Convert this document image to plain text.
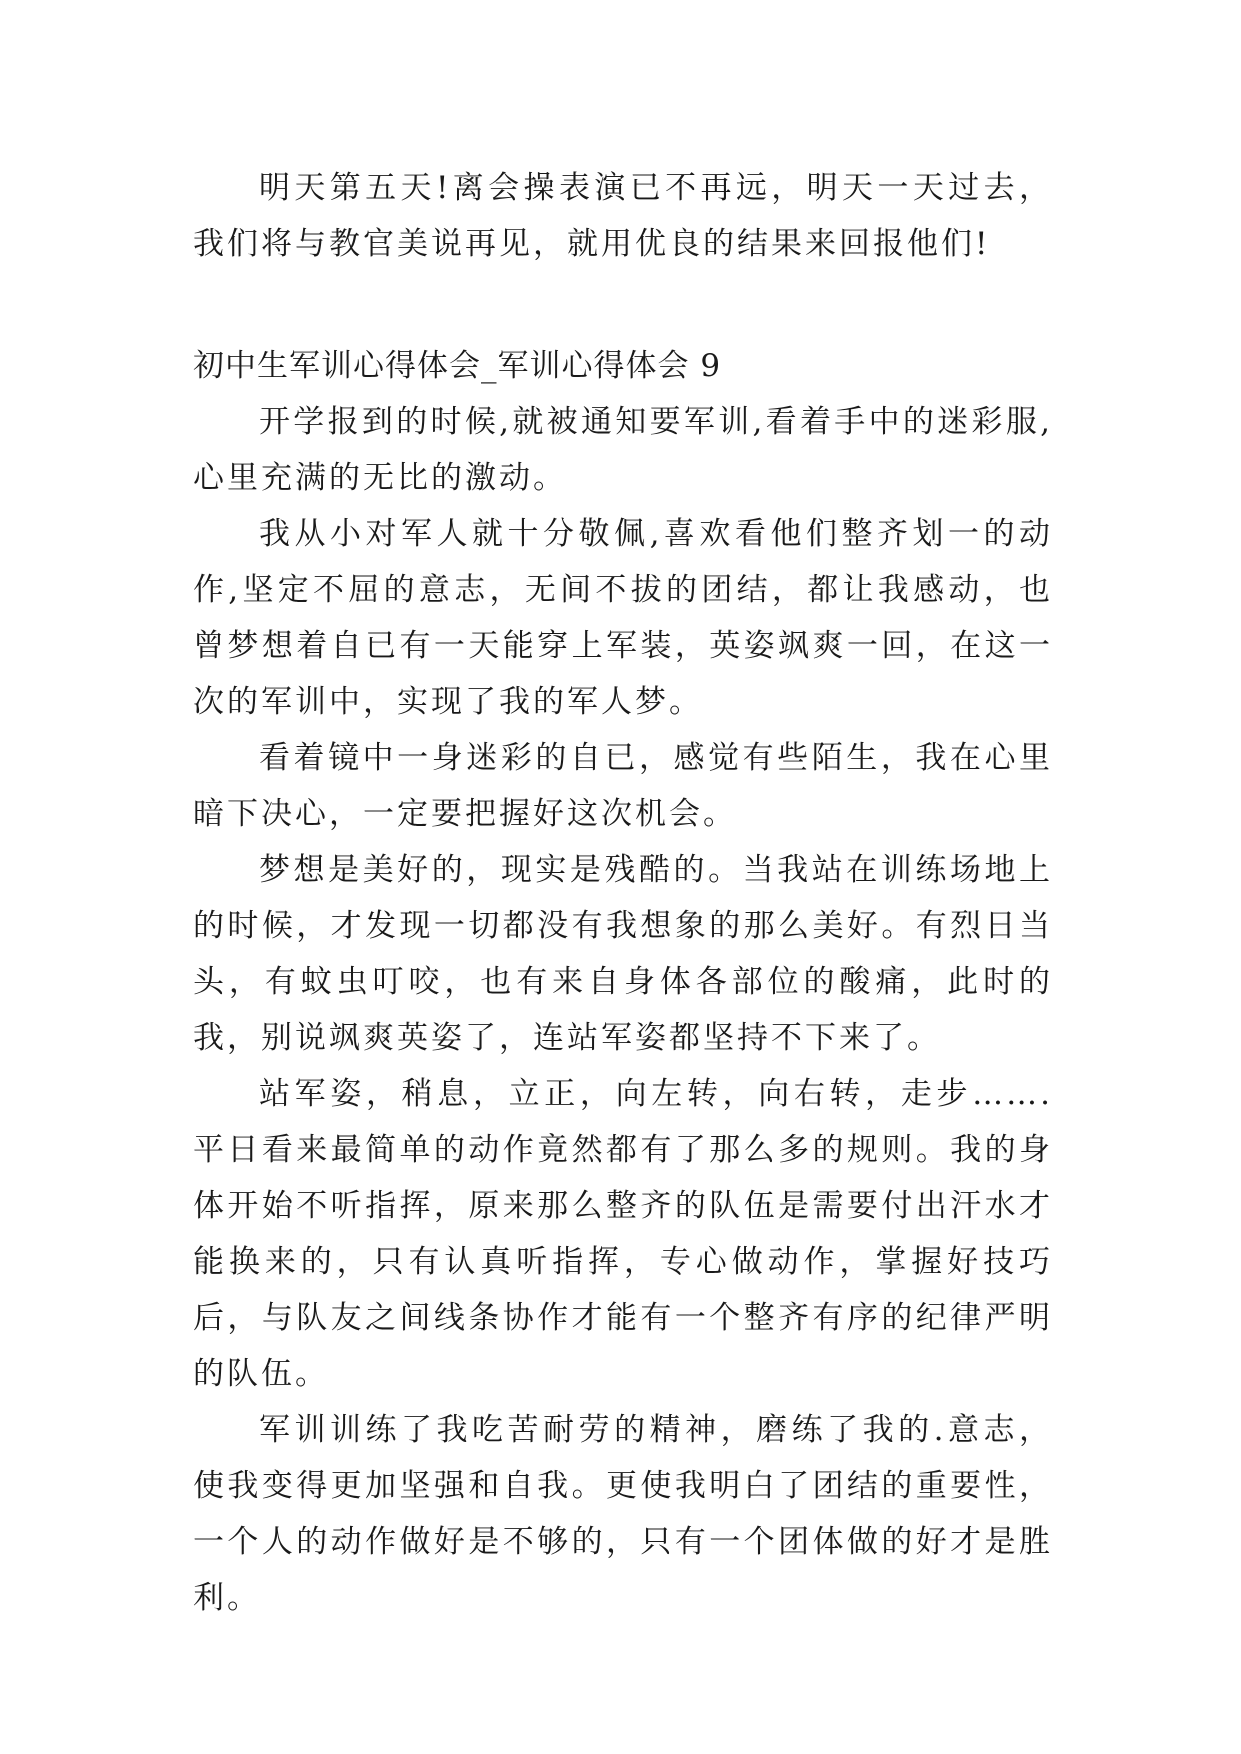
明天第五天!离会操表演已不再远，明天一天过去，我们将与教官美说再见，就用优良的结果来回报他们!

初中生军训心得体会_军训心得体会 9

开学报到的时候,就被通知要军训,看着手中的迷彩服,心里充满的无比的激动。

我从小对军人就十分敬佩,喜欢看他们整齐划一的动作,坚定不屈的意志，无间不拔的团结，都让我感动，也曾梦想着自已有一天能穿上军装，英姿飒爽一回，在这一次的军训中，实现了我的军人梦。

看着镜中一身迷彩的自已，感觉有些陌生，我在心里暗下决心，一定要把握好这次机会。

梦想是美好的，现实是残酷的。当我站在训练场地上的时候，才发现一切都没有我想象的那么美好。有烈日当头，有蚊虫叮咬，也有来自身体各部位的酸痛，此时的我，别说飒爽英姿了，连站军姿都坚持不下来了。

站军姿，稍息，立正，向左转，向右转，走步…….平日看来最简单的动作竟然都有了那么多的规则。我的身体开始不听指挥，原来那么整齐的队伍是需要付出汗水才能换来的，只有认真听指挥，专心做动作，掌握好技巧后，与队友之间线条协作才能有一个整齐有序的纪律严明的队伍。

军训训练了我吃苦耐劳的精神，磨练了我的.意志，使我变得更加坚强和自我。更使我明白了团结的重要性，一个人的动作做好是不够的，只有一个团体做的好才是胜利。
